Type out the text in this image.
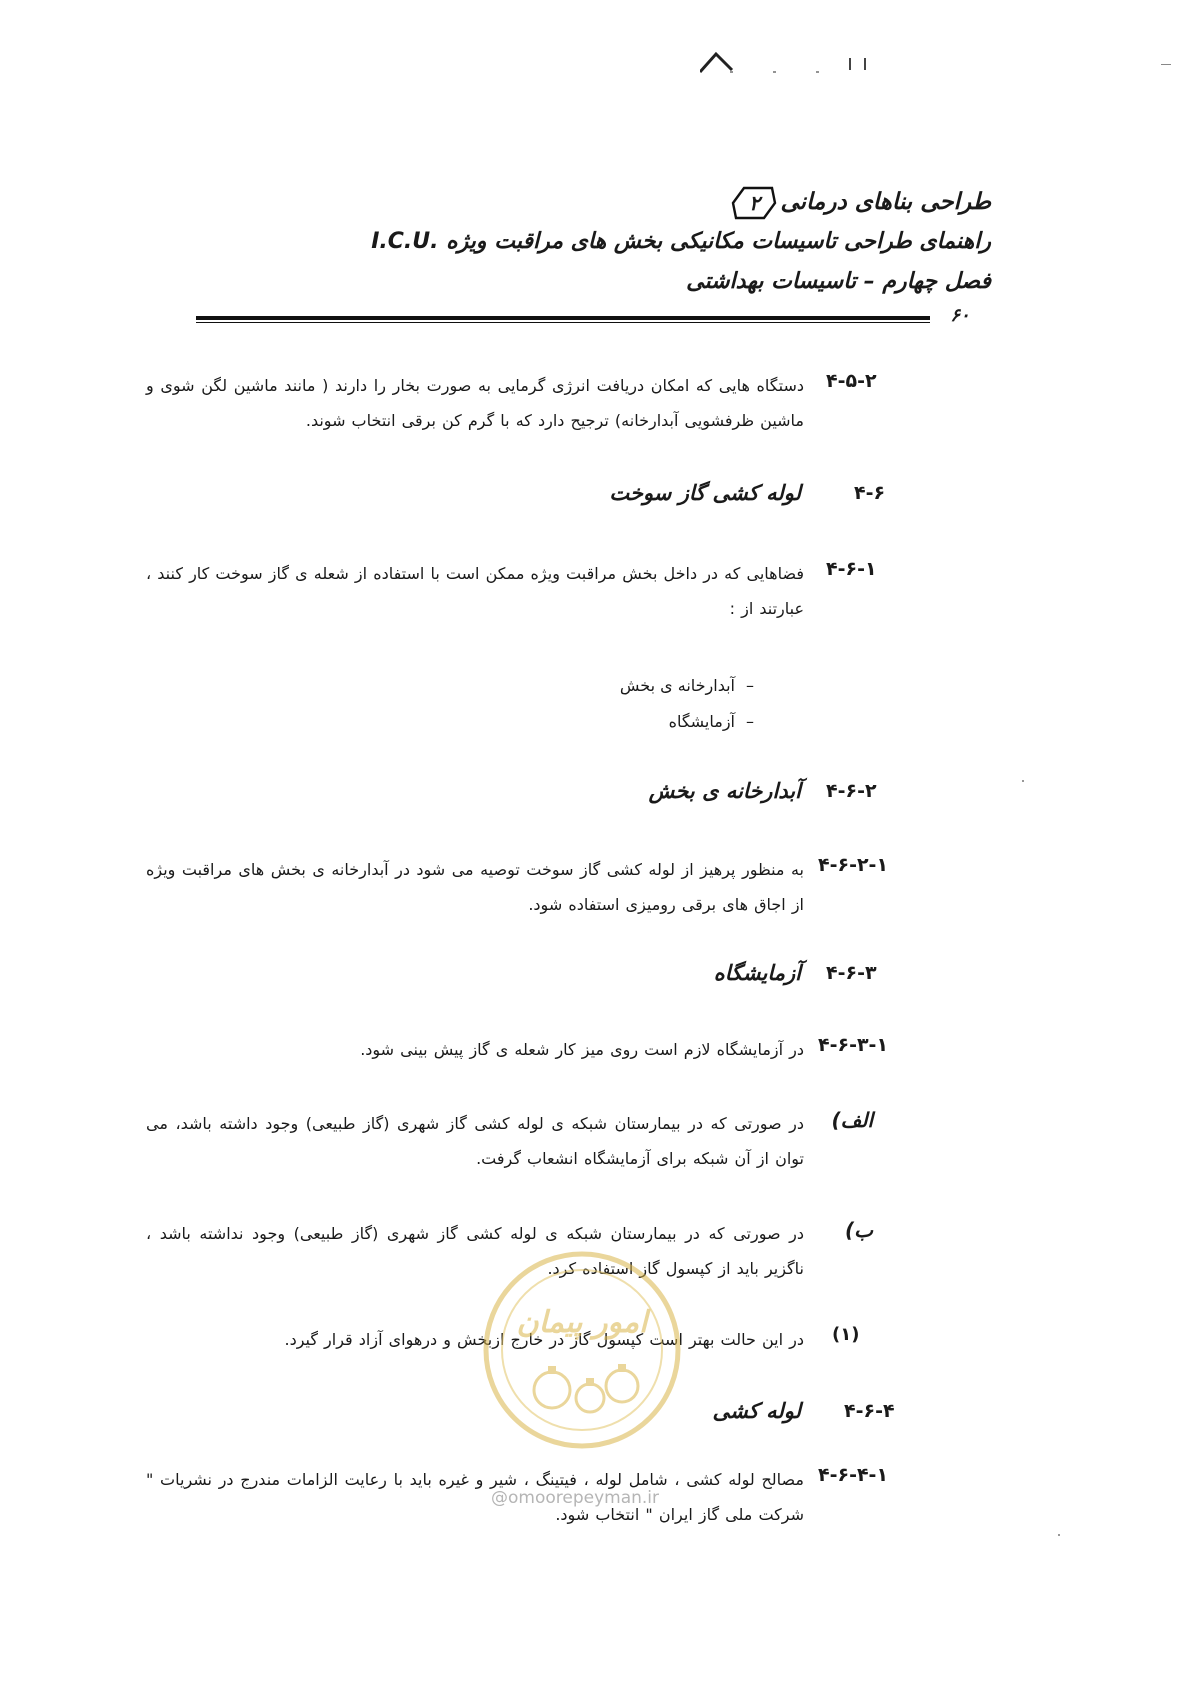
طراحی بناهای درمانی
۲
راهنمای طراحی تاسیسات مکانیکی بخش های مراقبت ویژه I.C.U.
فصل چهارم – تاسیسات بهداشتی
۶۰
۴-۵-۲
دستگاه هایی که امکان دریافت انرژی گرمایی به صورت بخار را دارند ( مانند ماشین لگن شوی و ماشین ظرفشویی آبدارخانه) ترجیح دارد که با گرم کن برقی انتخاب شوند.
۴-۶
لوله کشی گاز سوخت
۴-۶-۱
فضاهایی که در داخل بخش مراقبت ویژه ممکن است با استفاده از شعله ی گاز سوخت کار کنند ، عبارتند از :
–آبدارخانه ی بخش
–آزمایشگاه
۴-۶-۲
آبدارخانه ی بخش
۴-۶-۲-۱
به منظور پرهیز از لوله کشی گاز سوخت توصیه می شود در آبدارخانه ی بخش های مراقبت ویژه از اجاق های برقی رومیزی استفاده شود.
۴-۶-۳
آزمایشگاه
۴-۶-۳-۱
در آزمایشگاه لازم است روی میز کار شعله ی گاز پیش بینی شود.
الف)
در صورتی که در بیمارستان شبکه ی لوله کشی گاز شهری (گاز طبیعی) وجود داشته باشد، می توان از آن شبکه برای آزمایشگاه انشعاب گرفت.
ب)
در صورتی که در بیمارستان شبکه ی لوله کشی گاز شهری (گاز طبیعی) وجود نداشته باشد ، ناگزیر باید از کپسول گاز استفاده کرد.
(۱)
در این حالت بهتر است کپسول گاز در خارج ازبخش و درهوای آزاد قرار گیرد.
۴-۶-۴
لوله کشی
۴-۶-۴-۱
مصالح لوله کشی ، شامل لوله ، فیتینگ ، شیر و غیره باید با رعایت الزامات مندرج در نشریات " شرکت ملی گاز ایران " انتخاب شود.
امور پیمان
@omoorepeyman.ir
